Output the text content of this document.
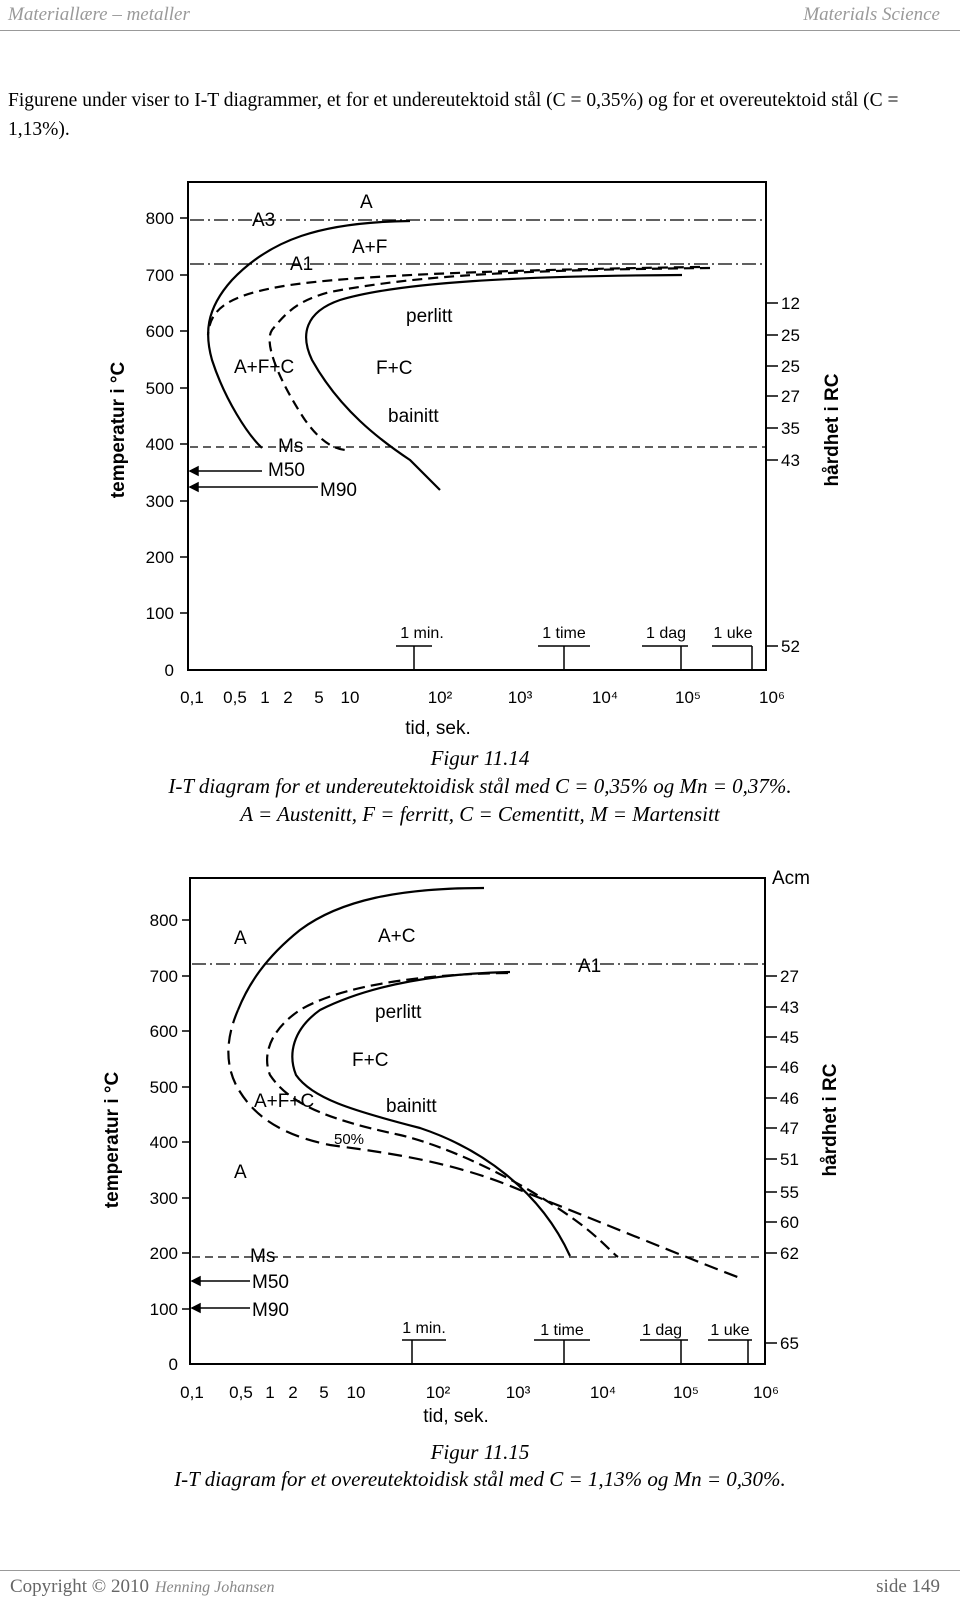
Materiallære – metaller	Materials Science
Figurene under viser to I-T diagrammer, et for et undereutektoid stål (C = 0,35%) og for et overeutektoid stål (C = 1,13%).
800
700
600
500
400
300
200
100
0
temperatur i °C
0,1 0,5 1 2 5 10	10²	10³	10⁴	10⁵	10⁶
tid, sek.
1 min.	1 time	1 dag 1 uke
12
25
25
27
35
43
52
hårdhet i RC
A
A+F
A+F+C
perlitt
F+C
bainitt
A3
A1
Ms
M50
M90
Figur 11.14
I-T diagram for et undereutektoidisk stål med C = 0,35% og Mn = 0,37%.
A = Austenitt, F = ferritt, C = Cementitt, M = Martensitt
800
700
600
500
400
300
200
100
0
temperatur i °C
0,1 0,5 1 2 5 10	10²	10³	10⁴	10⁵	10⁶
tid, sek.
1 min.	1 time	1 dag 1 uke
27
43
45
46
46
47
51
55
60
62
65
hårdhet i RC
A	A+C
perlitt
F+C
A+F+C	bainitt
50%
A
Acm
A1
Ms
M50
M90
Figur 11.15
I-T diagram for et overeutektoidisk stål med C = 1,13% og Mn = 0,30%.
Copyright © 2010 Henning Johansen	side 149
